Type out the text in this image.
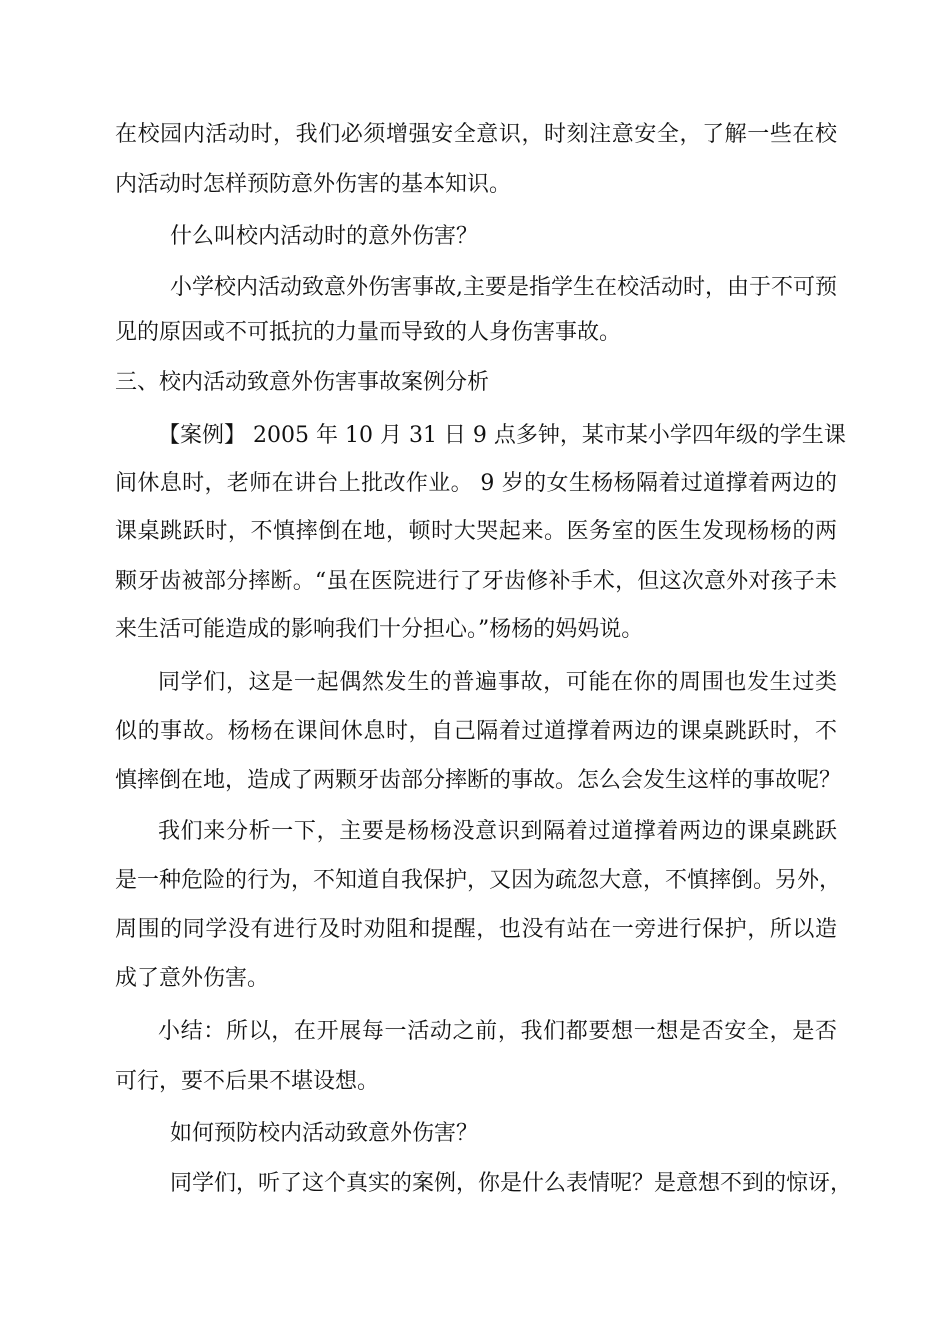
在校园内活动时，我们必须增强安全意识，时刻注意安全，了解一些在校
内活动时怎样预防意外伤害的基本知识。
什么叫校内活动时的意外伤害？
小学校内活动致意外伤害事故,主要是指学生在校活动时，由于不可预
见的原因或不可抵抗的力量而导致的人身伤害事故。
三、校内活动致意外伤害事故案例分析
【案例】 2005 年 10 月 31 日 9 点多钟，某市某小学四年级的学生课
间休息时，老师在讲台上批改作业。 9 岁的女生杨杨隔着过道撑着两边的
课桌跳跃时，不慎摔倒在地，顿时大哭起来。医务室的医生发现杨杨的两
颗牙齿被部分摔断。“虽在医院进行了牙齿修补手术，但这次意外对孩子未
来生活可能造成的影响我们十分担心。”杨杨的妈妈说。
同学们，这是一起偶然发生的普遍事故，可能在你的周围也发生过类
似的事故。杨杨在课间休息时，自己隔着过道撑着两边的课桌跳跃时，不
慎摔倒在地，造成了两颗牙齿部分摔断的事故。怎么会发生这样的事故呢？
我们来分析一下，主要是杨杨没意识到隔着过道撑着两边的课桌跳跃
是一种危险的行为，不知道自我保护，又因为疏忽大意，不慎摔倒。另外，
周围的同学没有进行及时劝阻和提醒，也没有站在一旁进行保护，所以造
成了意外伤害。
小结：所以，在开展每一活动之前，我们都要想一想是否安全，是否
可行，要不后果不堪设想。
如何预防校内活动致意外伤害？
同学们，听了这个真实的案例，你是什么表情呢？是意想不到的惊讶，
